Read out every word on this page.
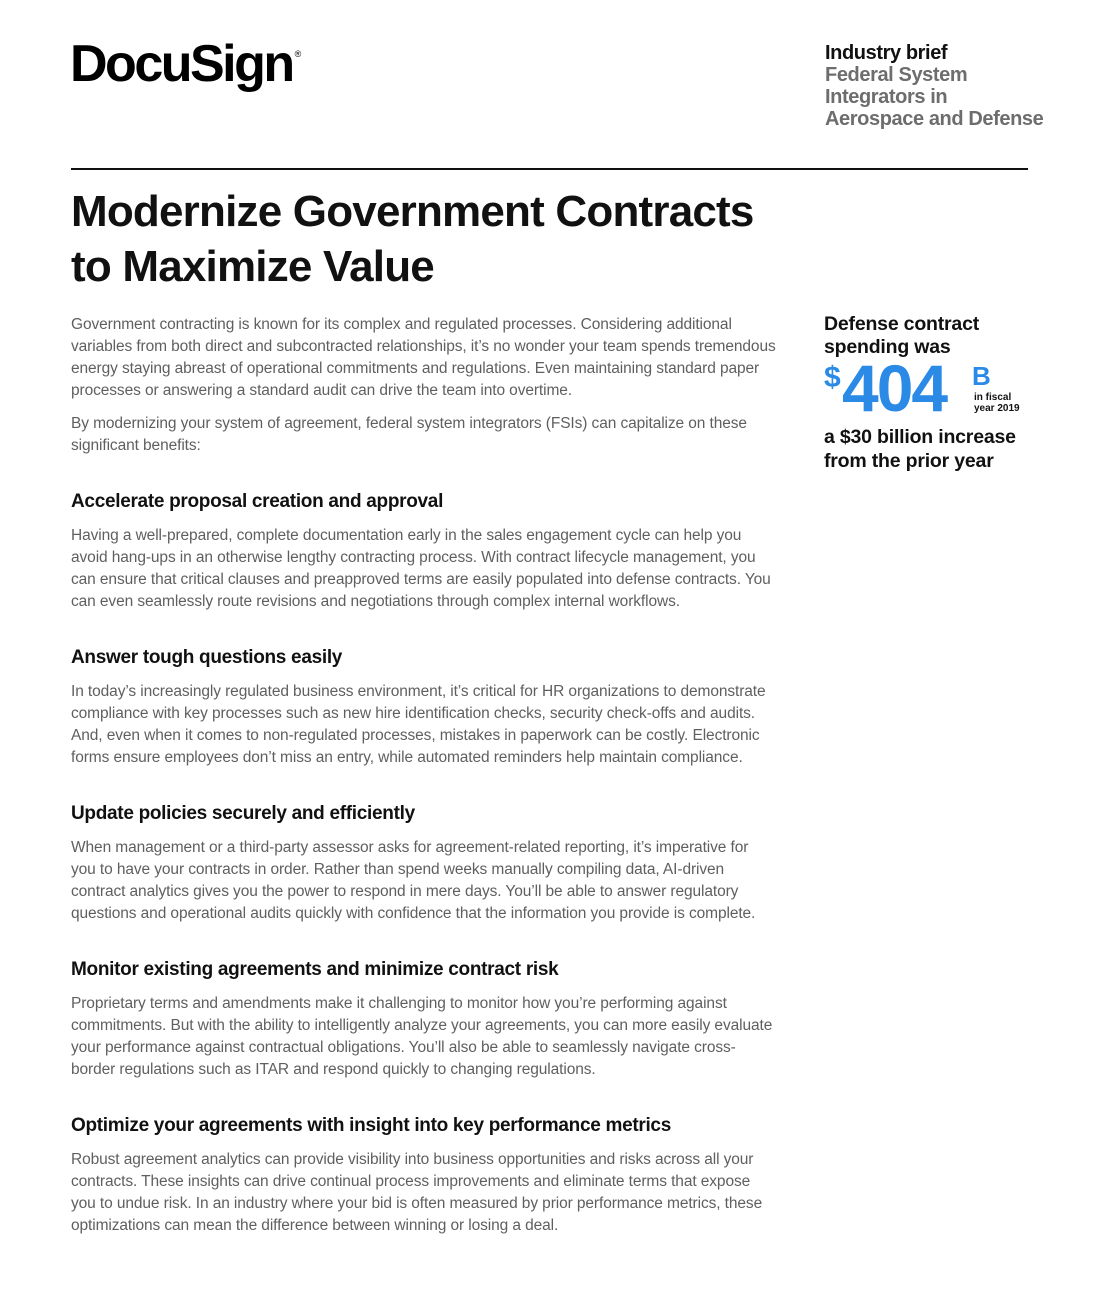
DocuSign ®	Industry brief
Federal System
Integrators in
Aerospace and Defense
Modernize Government Contracts
to Maximize Value

Government contracting is known for its complex and regulated processes. Considering additional variables from both direct and subcontracted relationships, it’s no wonder your team spends tremendous energy staying abreast of operational commitments and regulations. Even maintaining standard paper processes or answering a standard audit can drive the team into overtime.

By modernizing your system of agreement, federal system integrators (FSIs) can capitalize on these significant benefits:

Accelerate proposal creation and approval

Having a well-prepared, complete documentation early in the sales engagement cycle can help you avoid hang-ups in an otherwise lengthy contracting process. With contract lifecycle management, you can ensure that critical clauses and preapproved terms are easily populated into defense contracts. You can even seamlessly route revisions and negotiations through complex internal workflows.

Answer tough questions easily

In today’s increasingly regulated business environment, it’s critical for HR organizations to demonstrate compliance with key processes such as new hire identification checks, security check-offs and audits. And, even when it comes to non-regulated processes, mistakes in paperwork can be costly. Electronic forms ensure employees don’t miss an entry, while automated reminders help maintain compliance.

Update policies securely and efficiently

When management or a third-party assessor asks for agreement-related reporting, it’s imperative for you to have your contracts in order. Rather than spend weeks manually compiling data, AI-driven contract analytics gives you the power to respond in mere days. You’ll be able to answer regulatory questions and operational audits quickly with confidence that the information you provide is complete.

Monitor existing agreements and minimize contract risk

Proprietary terms and amendments make it challenging to monitor how you’re performing against commitments. But with the ability to intelligently analyze your agreements, you can more easily evaluate your performance against contractual obligations. You’ll also be able to seamlessly navigate cross-border regulations such as ITAR and respond quickly to changing regulations.

Optimize your agreements with insight into key performance metrics

Robust agreement analytics can provide visibility into business opportunities and risks across all your contracts. These insights can drive continual process improvements and eliminate terms that expose you to undue risk. In an industry where your bid is often measured by prior performance metrics, these optimizations can mean the difference between winning or losing a deal.

Defense contract
spending was
$ 404 B
in fiscal
year 2019
a $30 billion increase
from the prior year
